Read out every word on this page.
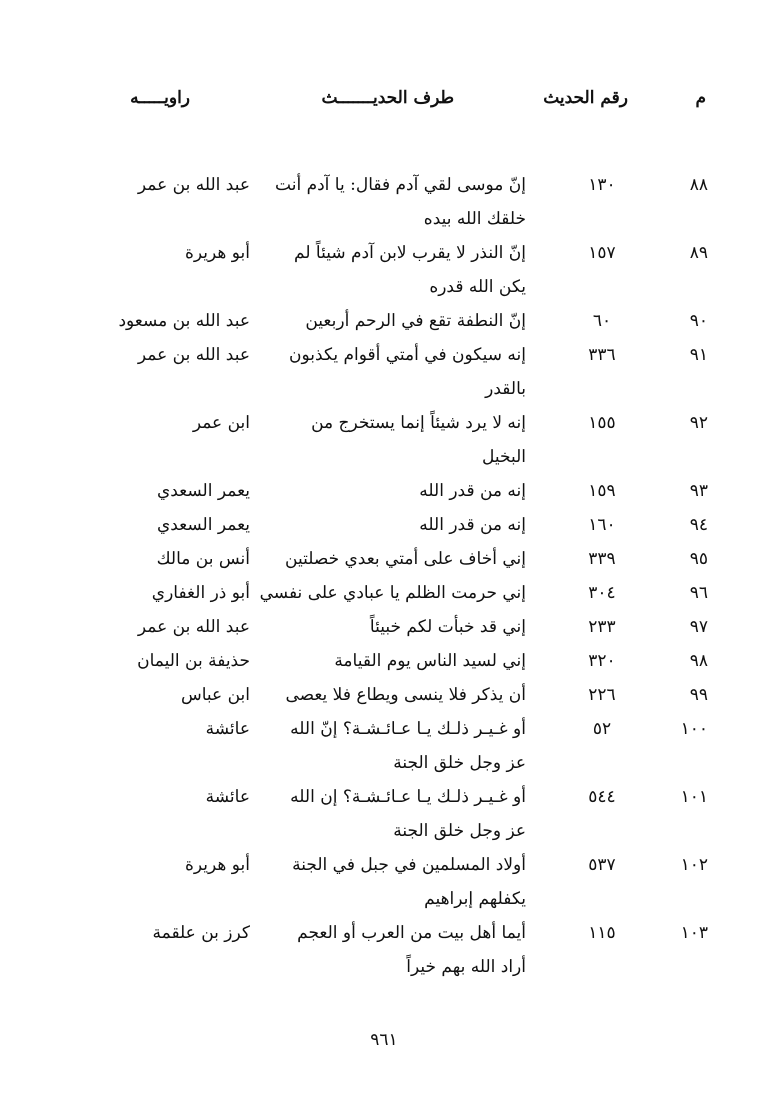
م
رقم الحديث
طرف الحديـــــــث
راويـــــه
٨٨
١٣٠
إنّ موسى لقي آدم فقال: يا آدم أنت
خلقك الله بيده
عبد الله بن عمر
٨٩
١٥٧
إنّ النذر لا يقرب لابن آدم شيئاً لم
يكن الله قدره
أبو هريرة
٩٠
٦٠
إنّ النطفة تقع في الرحم أربعين
عبد الله بن مسعود
٩١
٣٣٦
إنه سيكون في أمتي أقوام يكذبون
بالقدر
عبد الله بن عمر
٩٢
١٥٥
إنه لا يرد شيئاً إنما يستخرج من
البخيل
ابن عمر
٩٣
١٥٩
إنه من قدر الله
يعمر السعدي
٩٤
١٦٠
إنه من قدر الله
يعمر السعدي
٩٥
٣٣٩
إني أخاف على أمتي بعدي خصلتين
أنس بن مالك
٩٦
٣٠٤
إني حرمت الظلم يا عبادي على نفسي
أبو ذر الغفاري
٩٧
٢٣٣
إني قد خبأت لكم خبيئاً
عبد الله بن عمر
٩٨
٣٢٠
إني لسيد الناس يوم القيامة
حذيفة بن اليمان
٩٩
٢٢٦
أن يذكر فلا ينسى ويطاع فلا يعصى
ابن عباس
١٠٠
٥٢
أو غـيـر ذلـك يـا عـائـشـة؟ إنّ الله
عز وجل خلق الجنة
عائشة
١٠١
٥٤٤
أو غـيـر ذلـك يـا عـائـشـة؟ إن الله
عز وجل خلق الجنة
عائشة
١٠٢
٥٣٧
أولاد المسلمين في جبل في الجنة
يكفلهم إبراهيم
أبو هريرة
١٠٣
١١٥
أيما أهل بيت من العرب أو العجم
أراد الله بهم خيراً
كرز بن علقمة
٩٦١
